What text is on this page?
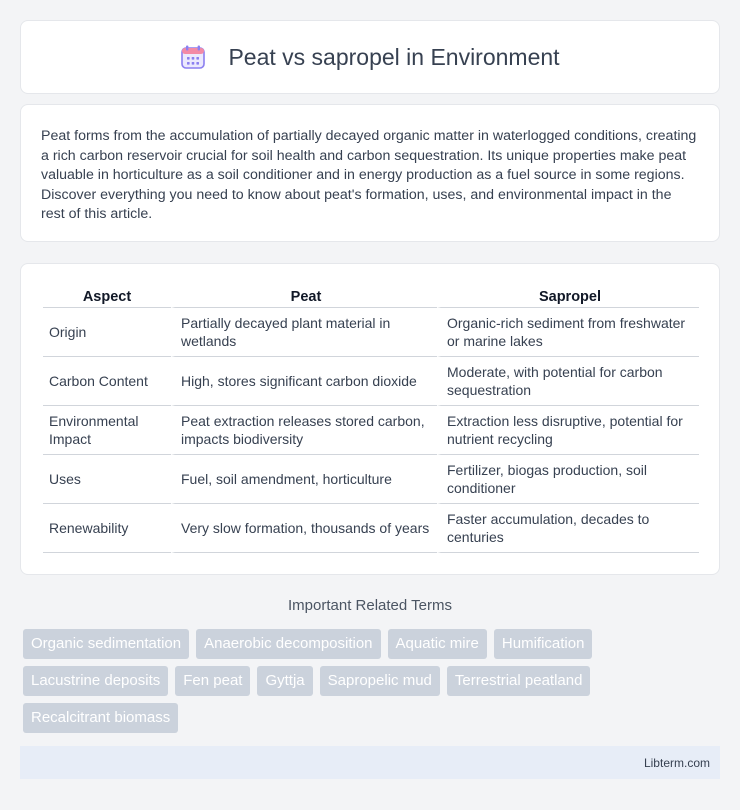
Peat vs sapropel in Environment

Peat forms from the accumulation of partially decayed organic matter in waterlogged conditions, creating a rich carbon reservoir crucial for soil health and carbon sequestration. Its unique properties make peat valuable in horticulture as a soil conditioner and in energy production as a fuel source in some regions. Discover everything you need to know about peat's formation, uses, and environmental impact in the rest of this article.

Aspect	Peat	Sapropel
Origin	Partially decayed plant material in wetlands	Organic-rich sediment from freshwater or marine lakes
Carbon Content	High, stores significant carbon dioxide	Moderate, with potential for carbon sequestration
Environmental Impact	Peat extraction releases stored carbon, impacts biodiversity	Extraction less disruptive, potential for nutrient recycling
Uses	Fuel, soil amendment, horticulture	Fertilizer, biogas production, soil conditioner
Renewability	Very slow formation, thousands of years	Faster accumulation, decades to centuries
Important Related Terms
Organic sedimentation	Anaerobic decomposition	Aquatic mire	Humification
Lacustrine deposits	Fen peat	Gyttja	Sapropelic mud	Terrestrial peatland
Recalcitrant biomass
Libterm.com
